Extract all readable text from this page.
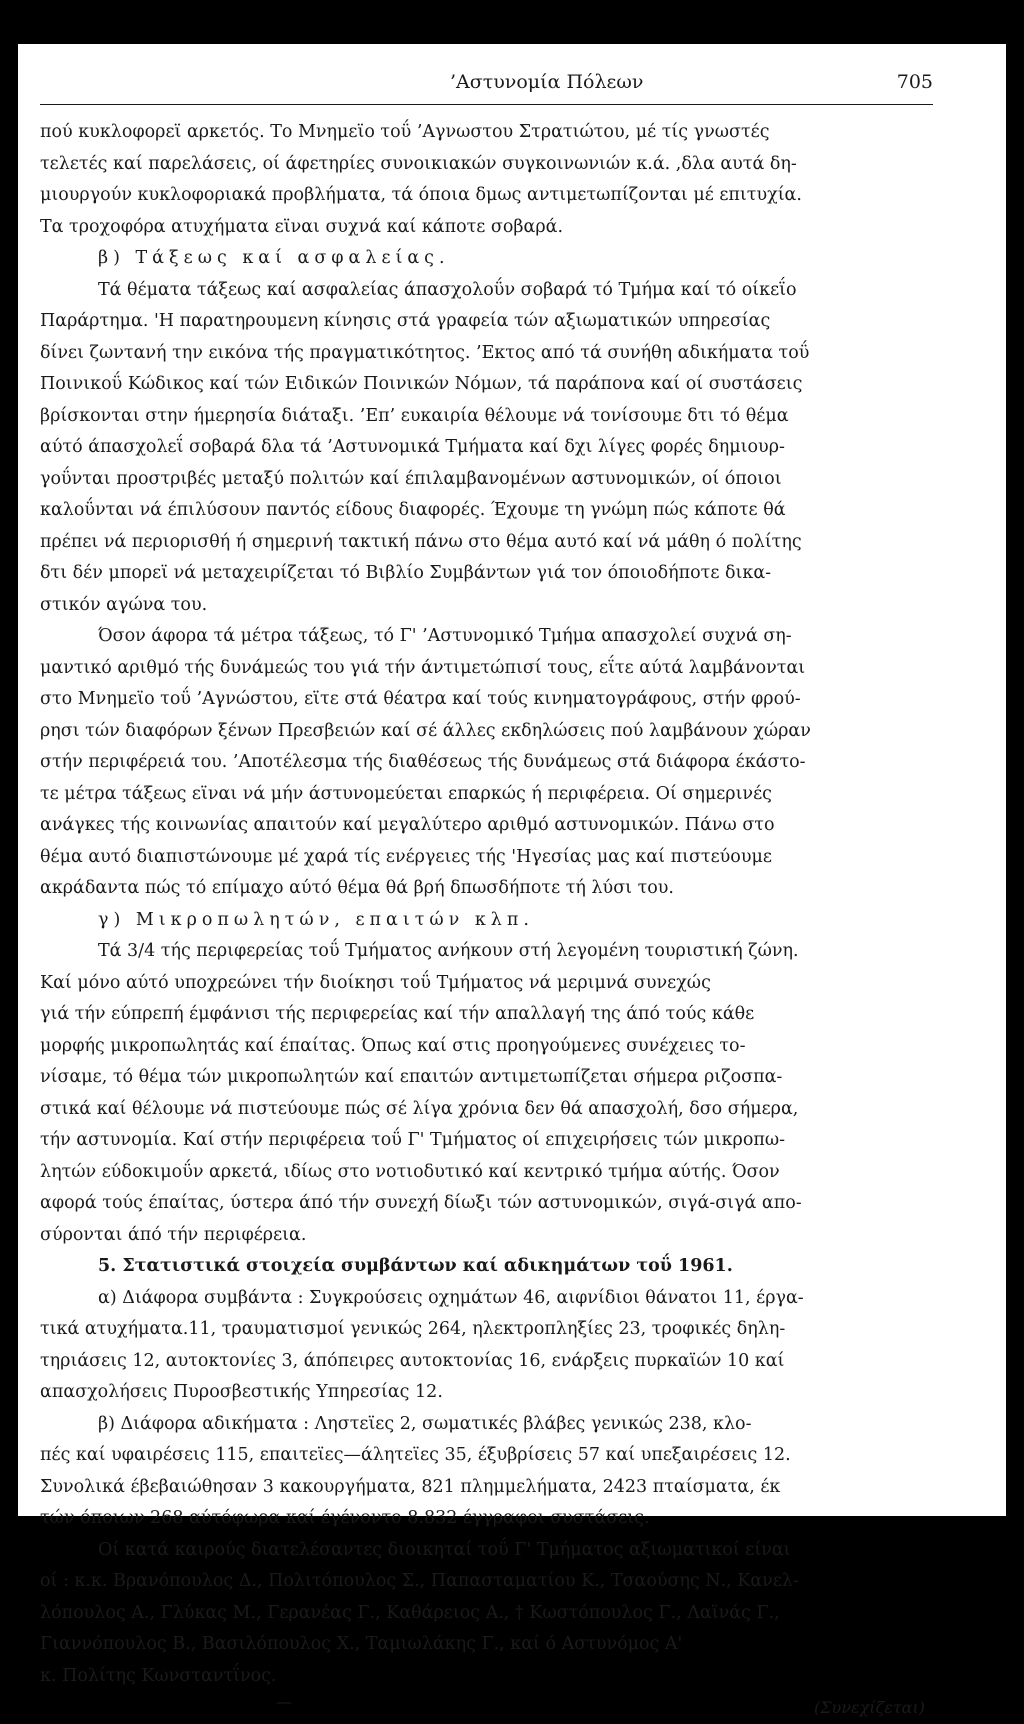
’Αστυνομία Πόλεων	705
πού κυκλοφορεϊ αρκετός. Το Μνημεϊο τοΰ ’Αγνωστου Στρατιώτου, μέ τίς γνωστές
τελετές καί παρελάσεις, οί άφετηρίες συνοικιακών συγκοινωνιών κ.ά. ,δλα αυτά δη-
μιουργούν κυκλοφοριακά προβλήματα, τά όποια δμως αντιμετωπίζονται μέ επιτυχία.
Τα τροχοφόρα ατυχήματα εϊναι συχνά καί κάποτε σοβαρά.
β) Τάξεως καί ασφαλείας.
Τά θέματα τάξεως καί ασφαλείας άπασχολοΰν σοβαρά τό Τμήμα καί τό οίκεΐο
Παράρτημα. 'Η παρατηρουμενη κίνησις στά γραφεία τών αξιωματικών υπηρεσίας
δίνει ζωντανή την εικόνα τής πραγματικότητος. ’Εκτος από τά συνήθη αδικήματα τοΰ
Ποινικοΰ Κώδικος καί τών Ειδικών Ποινικών Νόμων, τά παράπονα καί οί συστάσεις
βρίσκονται στην ήμερησία διάταξι. ’Επ’ ευκαιρία θέλουμε νά τονίσουμε δτι τό θέμα
αύτό άπασχολεΐ σοβαρά δλα τά ’Αστυνομικά Τμήματα καί δχι λίγες φορές δημιουρ-
γοΰνται προστριβές μεταξύ πολιτών καί έπιλαμβανομένων αστυνομικών, οί όποιοι
καλοΰνται νά έπιλύσουν παντός είδους διαφορές. Έχουμε τη γνώμη πώς κάποτε θά
πρέπει νά περιορισθή ή σημερινή τακτική πάνω στο θέμα αυτό καί νά μάθη ό πολίτης
δτι δέν μπορεϊ νά μεταχειρίζεται τό Βιβλίο Συμβάντων γιά τον όποιοδήποτε δικα-
στικόν αγώνα του.
Όσον άφορα τά μέτρα τάξεως, τό Γ' ’Αστυνομικό Τμήμα απασχολεί συχνά ση-
μαντικό αριθμό τής δυνάμεώς του γιά τήν άντιμετώπισί τους, εΐτε αύτά λαμβάνονται
στο Μνημεϊο τοΰ ’Αγνώστου, εϊτε στά θέατρα καί τούς κινηματογράφους, στήν φρού-
ρησι τών διαφόρων ξένων Πρεσβειών καί σέ άλλες εκδηλώσεις πού λαμβάνουν χώραν
στήν περιφέρειά του. ’Αποτέλεσμα τής διαθέσεως τής δυνάμεως στά διάφορα έκάστο-
τε μέτρα τάξεως εϊναι νά μήν άστυνομεύεται επαρκώς ή περιφέρεια. Οί σημερινές
ανάγκες τής κοινωνίας απαιτούν καί μεγαλύτερο αριθμό αστυνομικών. Πάνω στο
θέμα αυτό διαπιστώνουμε μέ χαρά τίς ενέργειες τής 'Ηγεσίας μας καί πιστεύουμε
ακράδαντα πώς τό επίμαχο αύτό θέμα θά βρή δπωσδήποτε τή λύσι του.
γ) Μικροπωλητών, επαιτών κλπ.
Τά 3/4 τής περιφερείας τοΰ Τμήματος ανήκουν στή λεγομένη τουριστική ζώνη.
Καί μόνο αύτό υποχρεώνει τήν διοίκησι τοΰ Τμήματος νά μεριμνά συνεχώς
γιά τήν εύπρεπή έμφάνισι τής περιφερείας καί τήν απαλλαγή της άπό τούς κάθε
μορφής μικροπωλητάς καί έπαίτας. Όπως καί στις προηγούμενες συνέχειες το-
νίσαμε, τό θέμα τών μικροπωλητών καί επαιτών αντιμετωπίζεται σήμερα ριζοσπα-
στικά καί θέλουμε νά πιστεύουμε πώς σέ λίγα χρόνια δεν θά απασχολή, δσο σήμερα,
τήν αστυνομία. Καί στήν περιφέρεια τοΰ Γ' Τμήματος οί επιχειρήσεις τών μικροπω-
λητών εύδοκιμοΰν αρκετά, ιδίως στο νοτιοδυτικό καί κεντρικό τμήμα αύτής. Όσον
αφορά τούς έπαίτας, ύστερα άπό τήν συνεχή δίωξι τών αστυνομικών, σιγά-σιγά απο-
σύρονται άπό τήν περιφέρεια.
5. Στατιστικά στοιχεία συμβάντων καί αδικημάτων τοΰ 1961.
α) Διάφορα συμβάντα : Συγκρούσεις οχημάτων 46, αιφνίδιοι θάνατοι 11, έργα-
τικά ατυχήματα.11, τραυματισμοί γενικώς 264, ηλεκτροπληξίες 23, τροφικές δηλη-
τηριάσεις 12, αυτοκτονίες 3, άπόπειρες αυτοκτονίας 16, ενάρξεις πυρκαϊών 10 καί
απασχολήσεις Πυροσβεστικής Υπηρεσίας 12.
β) Διάφορα αδικήματα : Ληστεϊες 2, σωματικές βλάβες γενικώς 238, κλο-
πές καί υφαιρέσεις 115, επαιτεϊες—άλητεϊες 35, έξυβρίσεις 57 καί υπεξαιρέσεις 12.
Συνολικά έβεβαιώθησαν 3 κακουργήματα, 821 πλημμελήματα, 2423 πταίσματα, έκ
τών όποιων 268 αύτόφωρα καί έγένοντο 8.832 έγγραφοι συστάσεις.
Οί κατά καιρούς διατελέσαντες διοικηταί τοΰ Γ' Τμήματος αξιωματικοί είναι
οί : κ.κ. Βρανόπουλος Δ., Πολιτόπουλος Σ., Παπασταματίου Κ., Τσαούσης Ν., Κανελ-
λόπουλος Α., Γλύκας Μ., Γερανέας Γ., Καθάρειος Α., † Κωστόπουλος Γ., Λαϊνάς Γ.,
Γιαννόπουλος Β., Βασιλόπουλος Χ., Ταμιωλάκης Γ., καί ό Αστυνόμος Α'
κ. Πολίτης Κωνσταντΐνος.
—	(Συνεχίζεται)
